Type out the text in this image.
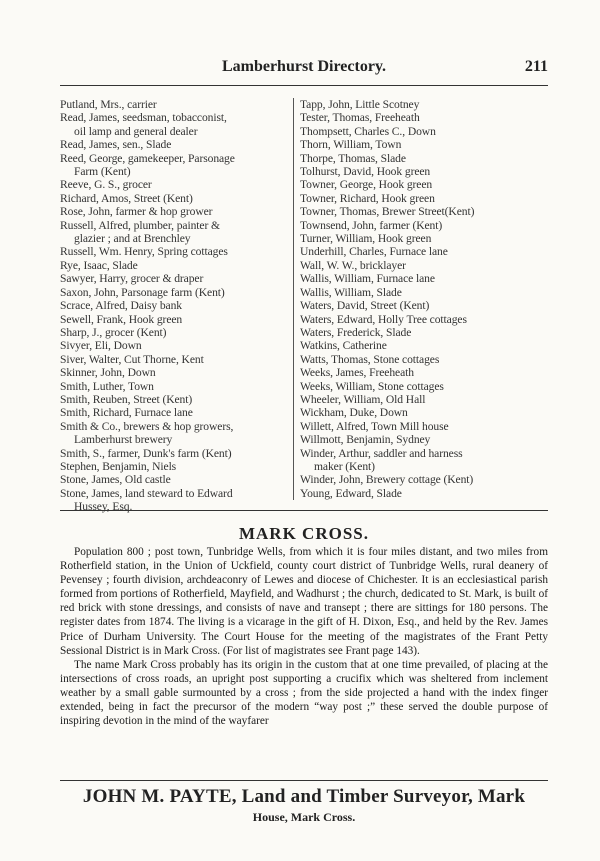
Lamberhurst Directory.	211
Putland, Mrs., carrier
Read, James, seedsman, tobacconist,
oil lamp and general dealer
Read, James, sen., Slade
Reed, George, gamekeeper, Parsonage
Farm (Kent)
Reeve, G. S., grocer
Richard, Amos, Street (Kent)
Rose, John, farmer & hop grower
Russell, Alfred, plumber, painter &
glazier ; and at Brenchley
Russell, Wm. Henry, Spring cottages
Rye, Isaac, Slade
Sawyer, Harry, grocer & draper
Saxon, John, Parsonage farm (Kent)
Scrace, Alfred, Daisy bank
Sewell, Frank, Hook green
Sharp, J., grocer (Kent)
Sivyer, Eli, Down
Siver, Walter, Cut Thorne, Kent
Skinner, John, Down
Smith, Luther, Town
Smith, Reuben, Street (Kent)
Smith, Richard, Furnace lane
Smith & Co., brewers & hop growers,
Lamberhurst brewery
Smith, S., farmer, Dunk's farm (Kent)
Stephen, Benjamin, Niels
Stone, James, Old castle
Stone, James, land steward to Edward
Hussey, Esq.
Tapp, John, Little Scotney
Tester, Thomas, Freeheath
Thompsett, Charles C., Down
Thorn, William, Town
Thorpe, Thomas, Slade
Tolhurst, David, Hook green
Towner, George, Hook green
Towner, Richard, Hook green
Towner, Thomas, Brewer Street(Kent)
Townsend, John, farmer (Kent)
Turner, William, Hook green
Underhill, Charles, Furnace lane
Wall, W. W., bricklayer
Wallis, William, Furnace lane
Wallis, William, Slade
Waters, David, Street (Kent)
Waters, Edward, Holly Tree cottages
Waters, Frederick, Slade
Watkins, Catherine
Watts, Thomas, Stone cottages
Weeks, James, Freeheath
Weeks, William, Stone cottages
Wheeler, William, Old Hall
Wickham, Duke, Down
Willett, Alfred, Town Mill house
Willmott, Benjamin, Sydney
Winder, Arthur, saddler and harness
maker (Kent)
Winder, John, Brewery cottage (Kent)
Young, Edward, Slade
MARK CROSS.

Population 800 ; post town, Tunbridge Wells, from which it is four miles distant, and two miles from Rotherfield station, in the Union of Uckfield, county court district of Tunbridge Wells, rural deanery of Pevensey ; fourth division, archdeaconry of Lewes and diocese of Chichester. It is an ecclesiastical parish formed from portions of Rotherfield, Mayfield, and Wadhurst ; the church, dedicated to St. Mark, is built of red brick with stone dressings, and consists of nave and transept ; there are sittings for 180 persons. The register dates from 1874. The living is a vicarage in the gift of H. Dixon, Esq., and held by the Rev. James Price of Durham University. The Court House for the meeting of the magistrates of the Frant Petty Sessional District is in Mark Cross. (For list of magistrates see Frant page 143).

The name Mark Cross probably has its origin in the custom that at one time prevailed, of placing at the intersections of cross roads, an upright post supporting a crucifix which was sheltered from inclement weather by a small gable surmounted by a cross ; from the side projected a hand with the index finger extended, being in fact the precursor of the modern “way post ;” these served the double purpose of inspiring devotion in the mind of the wayfarer

JOHN M. PAYTE, Land and Timber Surveyor, Mark
House, Mark Cross.
